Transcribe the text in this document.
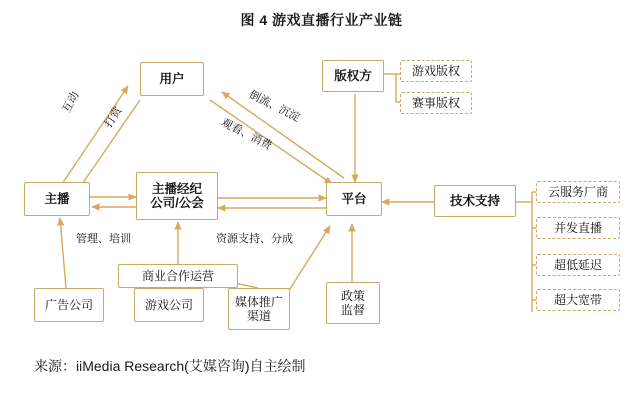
图 4 游戏直播行业产业链
用户	版权方	游戏版权
赛事版权
主播
主播经纪
公司/公会	平台	技术支持
云服务厂商
并发直播
超低延迟
超大宽带
商业合作运营
广告公司	游戏公司	媒体推广
渠道
政策
监督
互动
打赏	倒流、沉淀
观看、消费
管理、培训	资源支持、分成
来源：iiMedia Research(艾媒咨询)自主绘制
